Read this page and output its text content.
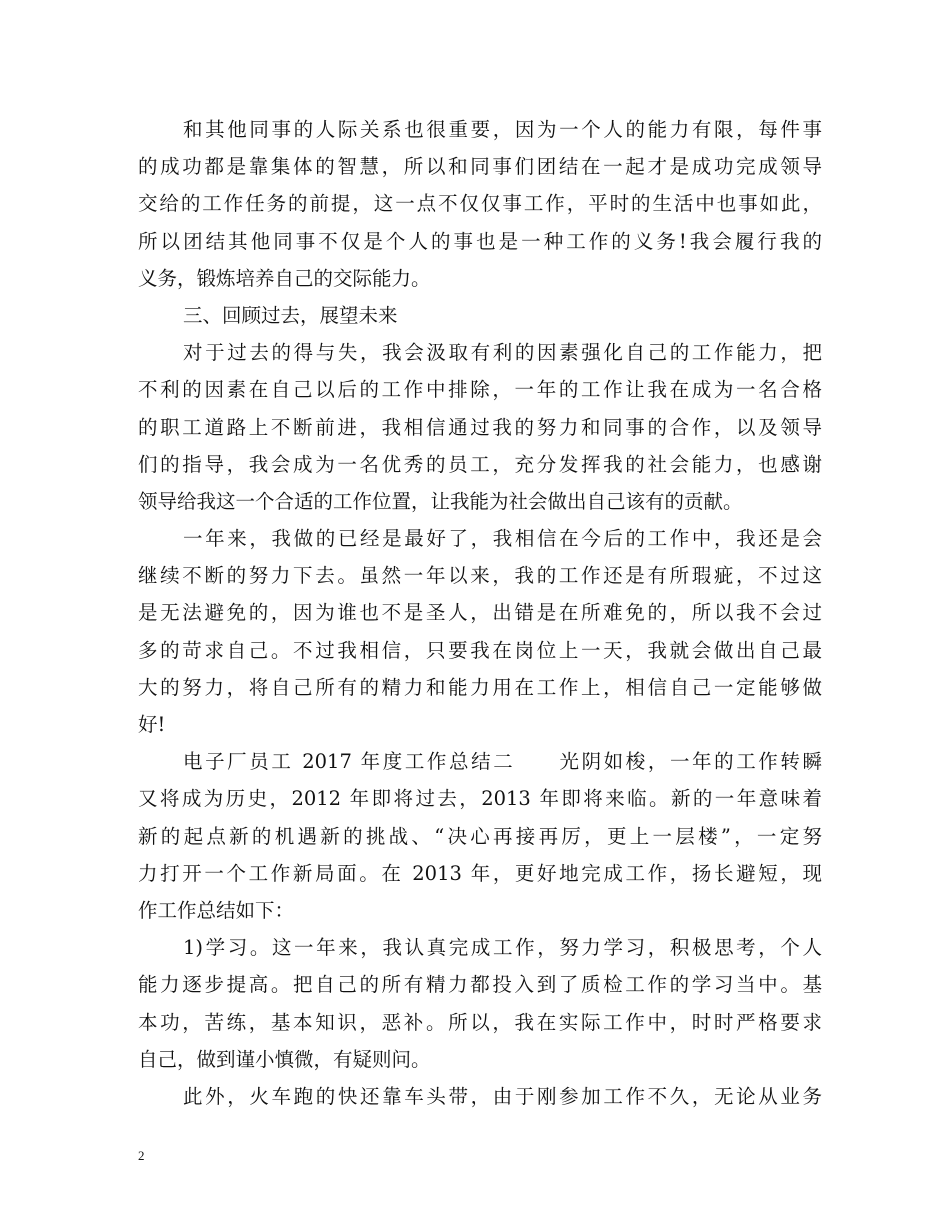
和其他同事的人际关系也很重要，因为一个人的能力有限，每件事
的成功都是靠集体的智慧，所以和同事们团结在一起才是成功完成领导
交给的工作任务的前提，这一点不仅仅事工作，平时的生活中也事如此，
所以团结其他同事不仅是个人的事也是一种工作的义务!我会履行我的
义务，锻炼培养自己的交际能力。
三、回顾过去，展望未来
对于过去的得与失，我会汲取有利的因素强化自己的工作能力，把
不利的因素在自己以后的工作中排除，一年的工作让我在成为一名合格
的职工道路上不断前进，我相信通过我的努力和同事的合作，以及领导
们的指导，我会成为一名优秀的员工，充分发挥我的社会能力，也感谢
领导给我这一个合适的工作位置，让我能为社会做出自己该有的贡献。
一年来，我做的已经是最好了，我相信在今后的工作中，我还是会
继续不断的努力下去。虽然一年以来，我的工作还是有所瑕疵，不过这
是无法避免的，因为谁也不是圣人，出错是在所难免的，所以我不会过
多的苛求自己。不过我相信，只要我在岗位上一天，我就会做出自己最
大的努力，将自己所有的精力和能力用在工作上，相信自己一定能够做
好!
电子厂员工 2017 年度工作总结二　　光阴如梭，一年的工作转瞬
又将成为历史，2012 年即将过去，2013 年即将来临。新的一年意味着
新的起点新的机遇新的挑战、“决心再接再厉，更上一层楼”，一定努
力打开一个工作新局面。在 2013 年，更好地完成工作，扬长避短，现
作工作总结如下：
1)学习。这一年来，我认真完成工作，努力学习，积极思考，个人
能力逐步提高。把自己的所有精力都投入到了质检工作的学习当中。基
本功，苦练，基本知识，恶补。所以，我在实际工作中，时时严格要求
自己，做到谨小慎微，有疑则问。
此外，火车跑的快还靠车头带，由于刚参加工作不久，无论从业务
2
